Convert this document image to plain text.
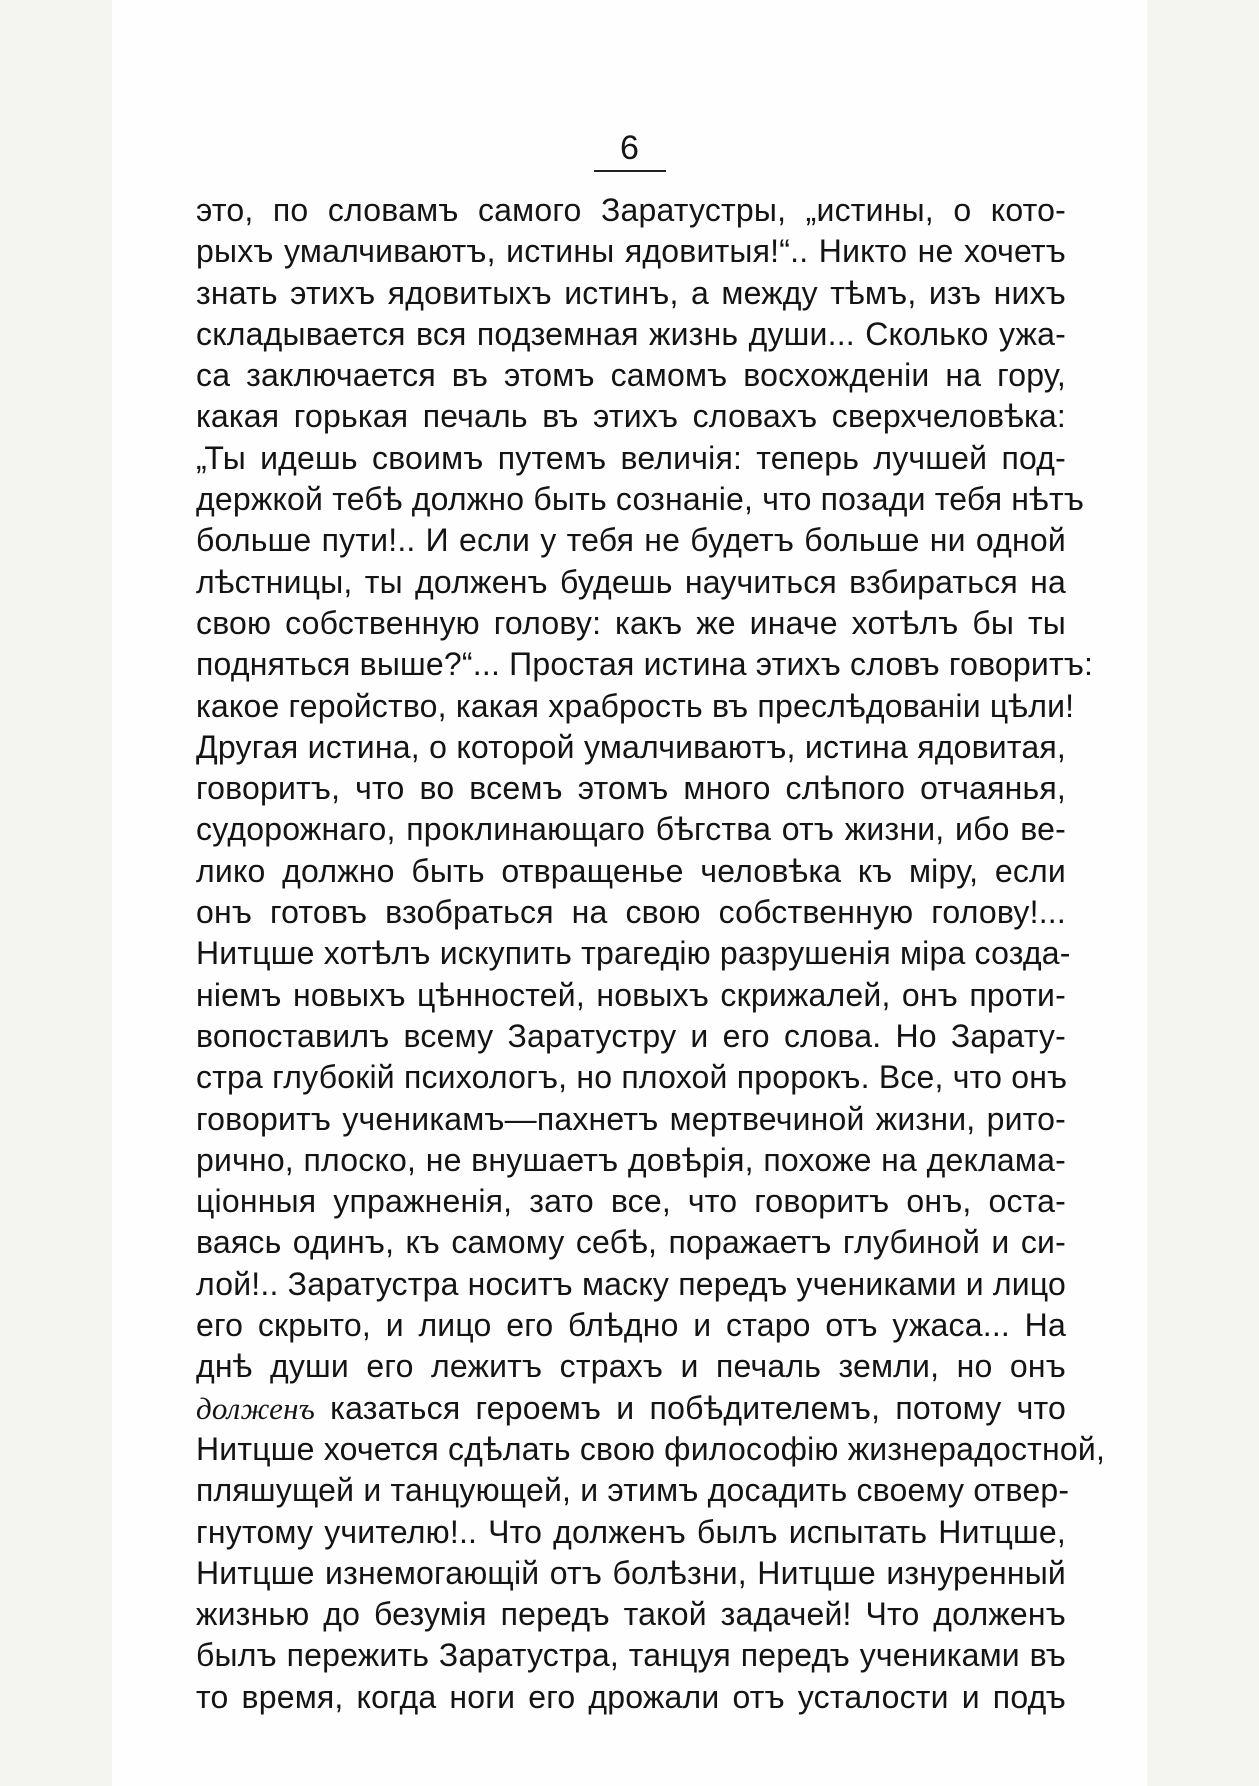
6
это, по словамъ самого Заратустры, „истины, о кото-
рыхъ умалчиваютъ, истины ядовитыя!“.. Никто не хочетъ
знать этихъ ядовитыхъ истинъ, а между тѣмъ, изъ нихъ
складывается вся подземная жизнь души... Сколько ужа-
са заключается въ этомъ самомъ восхожденіи на гору,
какая горькая печаль въ этихъ словахъ сверхчеловѣка:
„Ты идешь своимъ путемъ величія: теперь лучшей под-
держкой тебѣ должно быть сознаніе, что позади тебя нѣтъ
больше пути!.. И если у тебя не будетъ больше ни одной
лѣстницы, ты долженъ будешь научиться взбираться на
свою собственную голову: какъ же иначе хотѣлъ бы ты
подняться выше?“... Простая истина этихъ словъ говоритъ:
какое геройство, какая храбрость въ преслѣдованіи цѣли!
Другая истина, о которой умалчиваютъ, истина ядовитая,
говоритъ, что во всемъ этомъ много слѣпого отчаянья,
судорожнаго, проклинающаго бѣгства отъ жизни, ибо ве-
лико должно быть отвращенье человѣка къ міру, если
онъ готовъ взобраться на свою собственную голову!...
Нитцше хотѣлъ искупить трагедію разрушенія міра созда-
ніемъ новыхъ цѣнностей, новыхъ скрижалей, онъ проти-
вопоставилъ всему Заратустру и его слова. Но Зарату-
стра глубокій психологъ, но плохой пророкъ. Все, что онъ
говоритъ ученикамъ—пахнетъ мертвечиной жизни, рито-
рично, плоско, не внушаетъ довѣрія, похоже на деклама-
ціонныя упражненія, зато все, что говоритъ онъ, оста-
ваясь одинъ, къ самому себѣ, поражаетъ глубиной и си-
лой!.. Заратустра носитъ маску передъ учениками и лицо
его скрыто, и лицо его блѣдно и старо отъ ужаса... На
днѣ души его лежитъ страхъ и печаль земли, но онъ
долженъ казаться героемъ и побѣдителемъ, потому что
Нитцше хочется сдѣлать свою философію жизнерадостной,
пляшущей и танцующей, и этимъ досадить своему отвер-
гнутому учителю!.. Что долженъ былъ испытать Нитцше,
Нитцше изнемогающій отъ болѣзни, Нитцше изнуренный
жизнью до безумія передъ такой задачей! Что долженъ
былъ пережить Заратустра, танцуя передъ учениками въ
то время, когда ноги его дрожали отъ усталости и подъ
